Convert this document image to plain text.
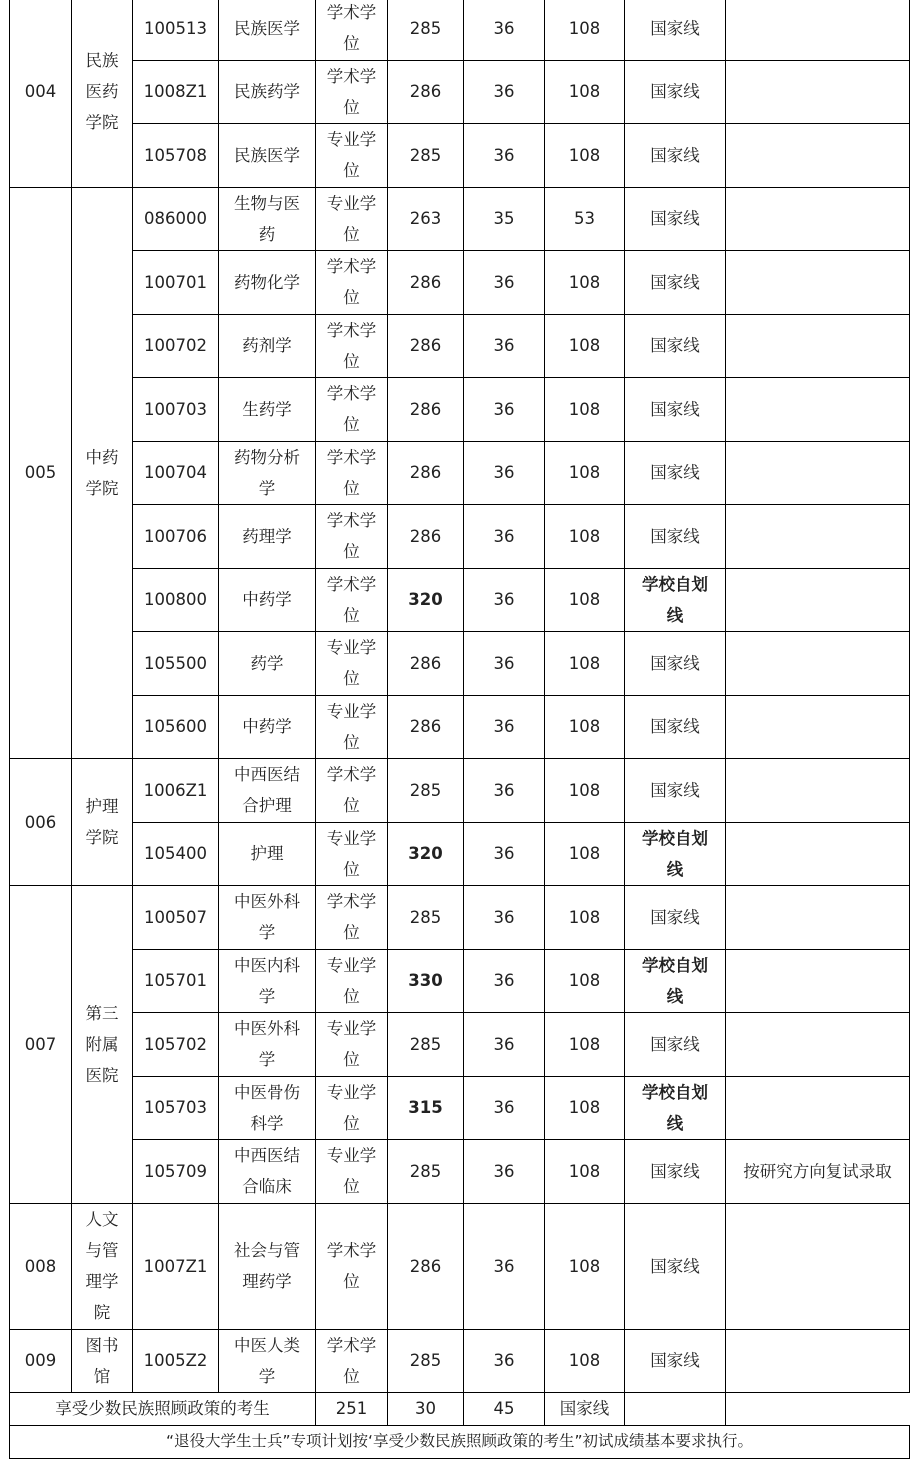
004	民族医药学院	100513	民族医学	学术学位	285	36	108	国家线	
		1008Z1	民族药学	学术学位	286	36	108	国家线	
		105708	民族医学	专业学位	285	36	108	国家线	
005	中药学院	086000	生物与医药	专业学位	263	35	53	国家线	
		100701	药物化学	学术学位	286	36	108	国家线	
		100702	药剂学	学术学位	286	36	108	国家线	
		100703	生药学	学术学位	286	36	108	国家线	
		100704	药物分析学	学术学位	286	36	108	国家线	
		100706	药理学	学术学位	286	36	108	国家线	
		100800	中药学	学术学位	320	36	108	学校自划线	
		105500	药学	专业学位	286	36	108	国家线	
		105600	中药学	专业学位	286	36	108	国家线	
006	护理学院	1006Z1	中西医结合护理	学术学位	285	36	108	国家线	
		105400	护理	专业学位	320	36	108	学校自划线	
007	第三附属医院	100507	中医外科学	学术学位	285	36	108	国家线	
		105701	中医内科学	专业学位	330	36	108	学校自划线	
		105702	中医外科学	专业学位	285	36	108	国家线	
		105703	中医骨伤科学	专业学位	315	36	108	学校自划线	
		105709	中西医结合临床	专业学位	285	36	108	国家线	按研究方向复试录取
008	人文与管理学院	1007Z1	社会与管理药学	学术学位	286	36	108	国家线	
009	图书馆	1005Z2	中医人类学	学术学位	285	36	108	国家线	
享受少数民族照顾政策的考生				251	30	45	国家线		
“退役大学生士兵”专项计划按‘享受少数民族照顾政策的考生”初试成绩基本要求执行。									
